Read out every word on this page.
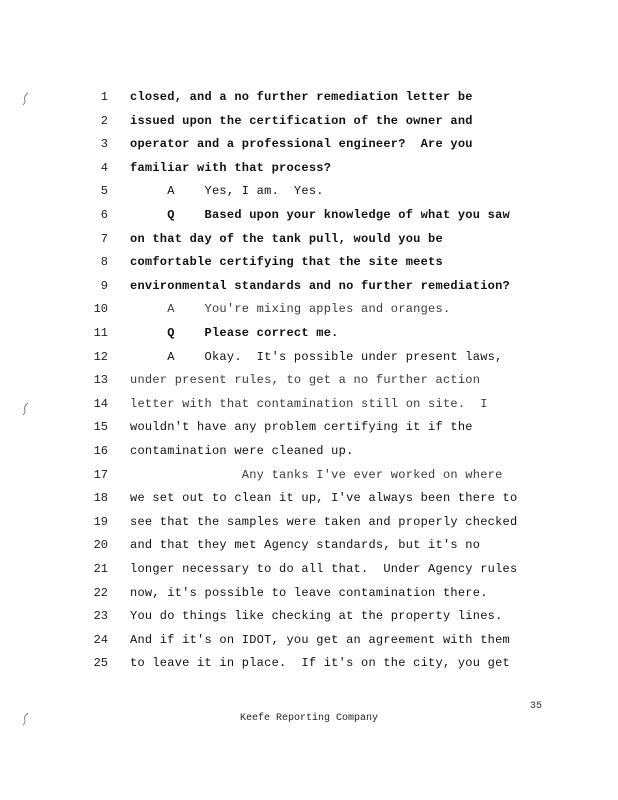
1 closed, and a no further remediation letter be
2 issued upon the certification of the owner and
3 operator and a professional engineer?  Are you
4 familiar with that process?
5 A    Yes, I am.  Yes.
6 Q    Based upon your knowledge of what you saw
7 on that day of the tank pull, would you be
8 comfortable certifying that the site meets
9 environmental standards and no further remediation?
10 A    You're mixing apples and oranges.
11 Q    Please correct me.
12 A    Okay.  It's possible under present laws,
13 under present rules, to get a no further action
14 letter with that contamination still on site.  I
15 wouldn't have any problem certifying it if the
16 contamination were cleaned up.
17 Any tanks I've ever worked on where
18 we set out to clean it up, I've always been there to
19 see that the samples were taken and properly checked
20 and that they met Agency standards, but it's no
21 longer necessary to do all that.  Under Agency rules
22 now, it's possible to leave contamination there.
23 You do things like checking at the property lines.
24 And if it's on IDOT, you get an agreement with them
25 to leave it in place.  If it's on the city, you get
35
Keefe Reporting Company
